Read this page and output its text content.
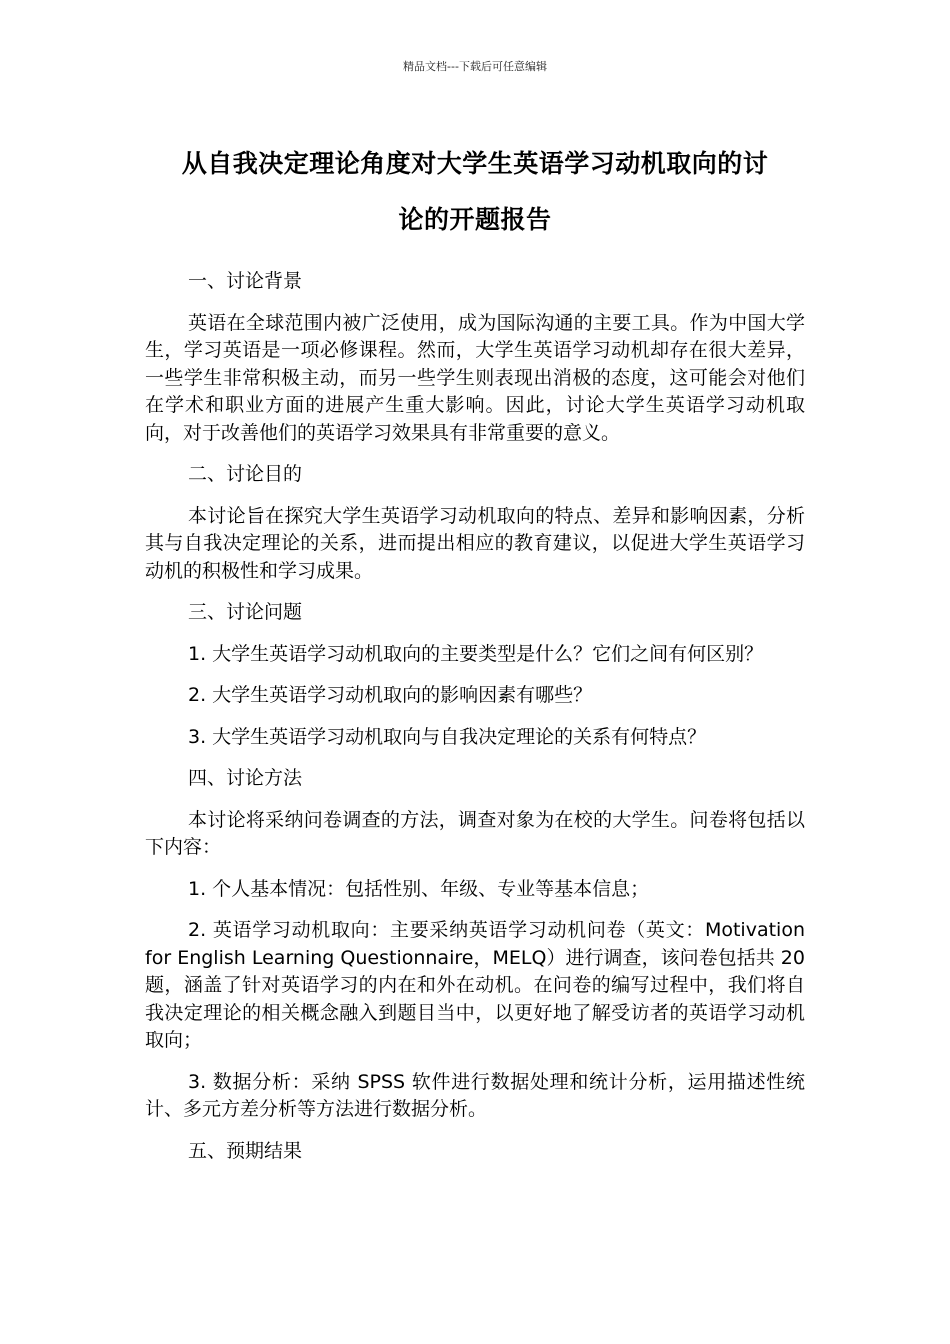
精品文档---下载后可任意编辑
从自我决定理论角度对大学生英语学习动机取向的讨
论的开题报告
一、讨论背景
英语在全球范围内被广泛使用，成为国际沟通的主要工具。作为中国大学生，学习英语是一项必修课程。然而，大学生英语学习动机却存在很大差异，一些学生非常积极主动，而另一些学生则表现出消极的态度，这可能会对他们在学术和职业方面的进展产生重大影响。因此，讨论大学生英语学习动机取向，对于改善他们的英语学习效果具有非常重要的意义。
二、讨论目的
本讨论旨在探究大学生英语学习动机取向的特点、差异和影响因素，分析其与自我决定理论的关系，进而提出相应的教育建议，以促进大学生英语学习动机的积极性和学习成果。
三、讨论问题
1. 大学生英语学习动机取向的主要类型是什么？它们之间有何区别？
2. 大学生英语学习动机取向的影响因素有哪些？
3. 大学生英语学习动机取向与自我决定理论的关系有何特点？
四、讨论方法
本讨论将采纳问卷调查的方法，调查对象为在校的大学生。问卷将包括以下内容：
1. 个人基本情况：包括性别、年级、专业等基本信息；
2. 英语学习动机取向：主要采纳英语学习动机问卷（英文：Motivation for English Learning Questionnaire，MELQ）进行调查，该问卷包括共 20 题，涵盖了针对英语学习的内在和外在动机。在问卷的编写过程中，我们将自我决定理论的相关概念融入到题目当中，以更好地了解受访者的英语学习动机取向；
3. 数据分析：采纳 SPSS 软件进行数据处理和统计分析，运用描述性统计、多元方差分析等方法进行数据分析。
五、预期结果
